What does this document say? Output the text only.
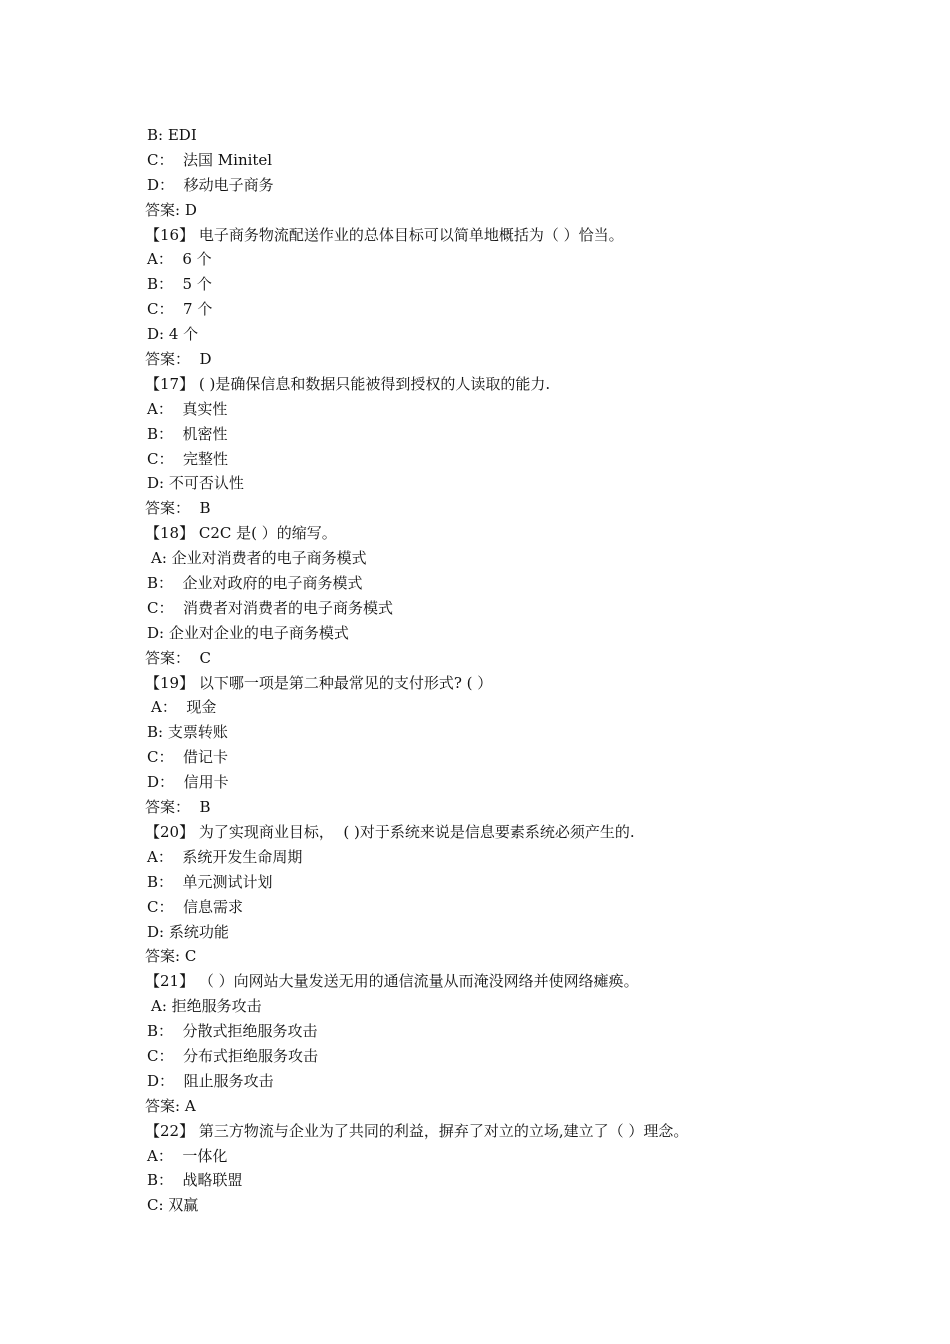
B: EDI
C：  法国 Minitel
D：  移动电子商务
答案: D
【16】 电子商务物流配送作业的总体目标可以简单地概括为（ ）恰当。
A：  6 个
B：  5 个
C：  7 个
D: 4 个
答案：  D
【17】 ( )是确保信息和数据只能被得到授权的人读取的能力.
A：  真实性
B：  机密性
C：  完整性
D: 不可否认性
答案：  B
【18】 C2C 是( ）的缩写。
A: 企业对消费者的电子商务模式
B：  企业对政府的电子商务模式
C：  消费者对消费者的电子商务模式
D: 企业对企业的电子商务模式
答案：  C
【19】 以下哪一项是第二种最常见的支付形式? ( ）
A：  现金
B: 支票转账
C：  借记卡
D：  信用卡
答案：  B
【20】 为了实现商业目标，  ( )对于系统来说是信息要素系统必须产生的.
A：  系统开发生命周期
B：  单元测试计划
C：  信息需求
D: 系统功能
答案: C
【21】 （ ）向网站大量发送无用的通信流量从而淹没网络并使网络瘫痪。
A: 拒绝服务攻击
B：  分散式拒绝服务攻击
C：  分布式拒绝服务攻击
D：  阻止服务攻击
答案: A
【22】 第三方物流与企业为了共同的利益，摒弃了对立的立场,建立了（ ）理念。
A：  一体化
B：  战略联盟
C: 双赢
